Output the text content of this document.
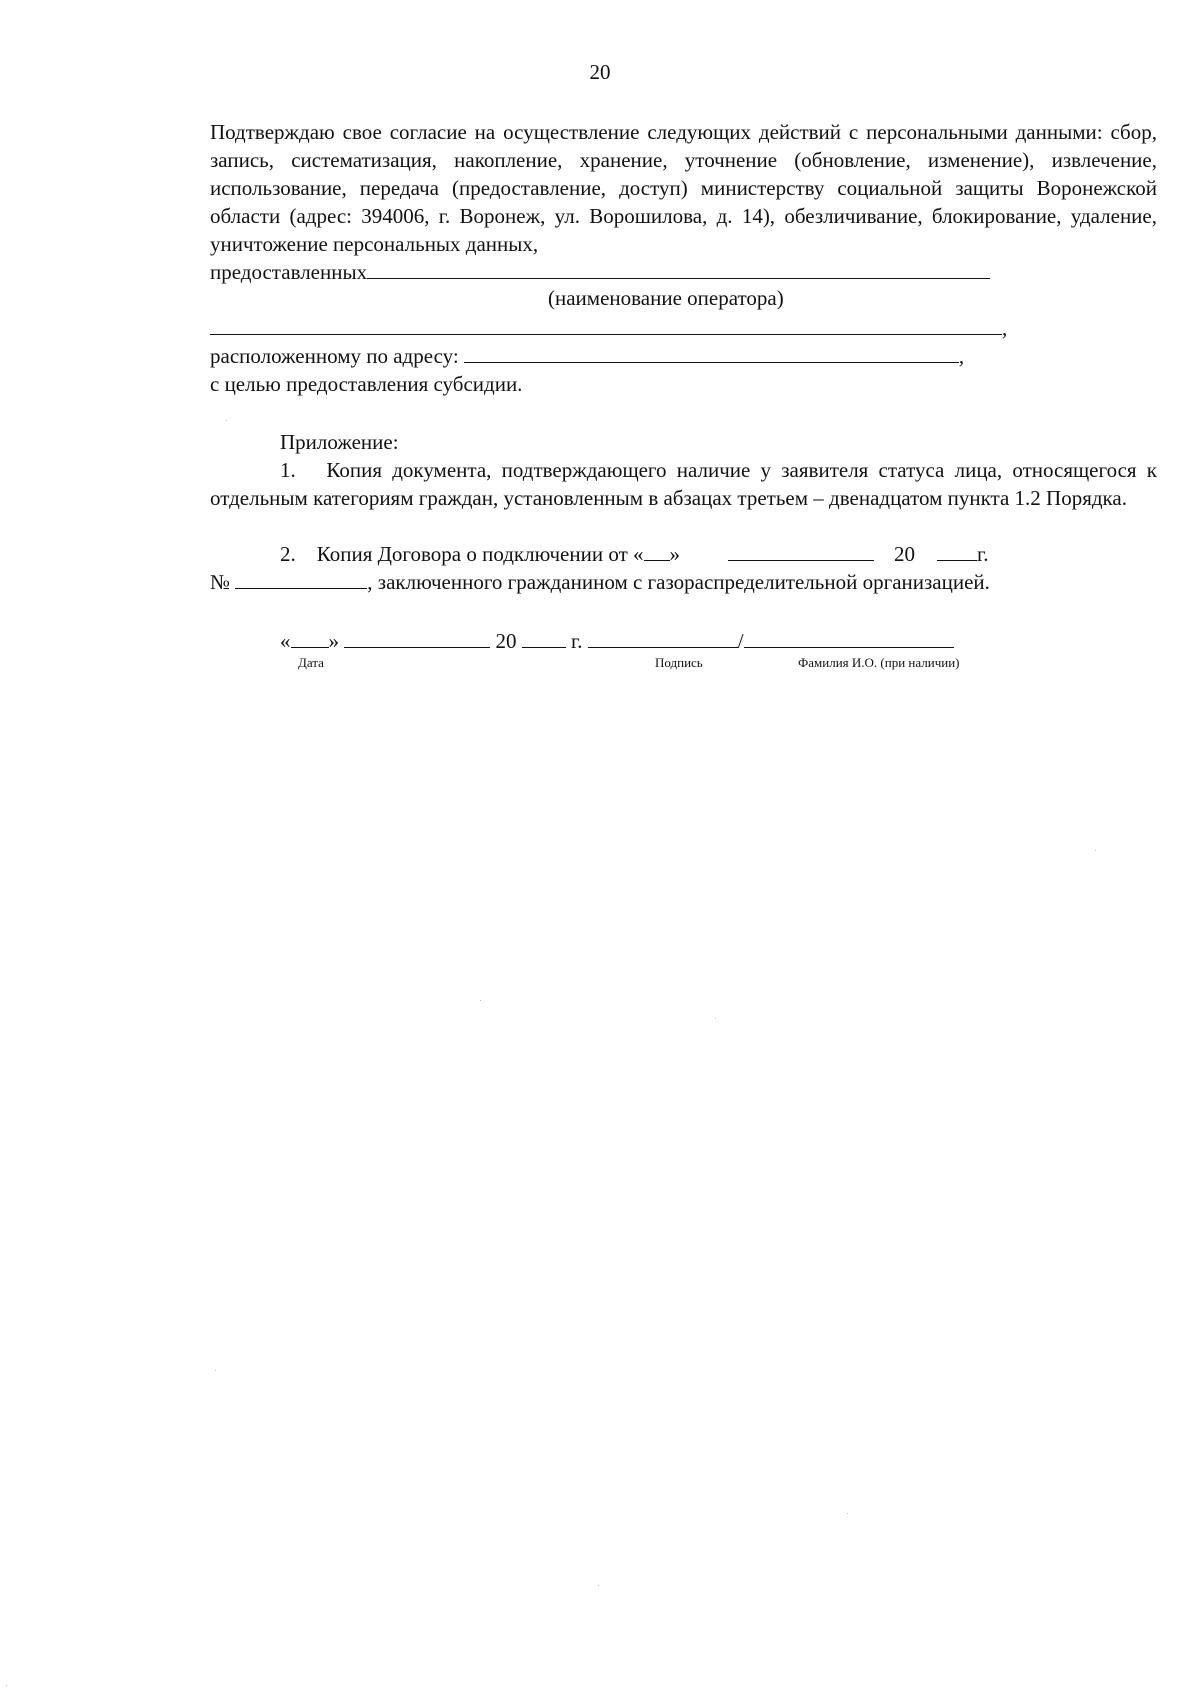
20
Подтверждаю свое согласие на осуществление следующих действий с персональными данными: сбор, запись, систематизация, накопление, хранение, уточнение (обновление, изменение), извлечение, использование, передача (предоставление, доступ) министерству социальной защиты Воронежской области (адрес: 394006, г. Воронеж, ул. Ворошилова, д. 14), обезличивание, блокирование, удаление, уничтожение персональных данных,
предоставленных
(наименование оператора)
,
расположенному по адресу:	,
с целью предоставления субсидии.
Приложение:
1. Копия документа, подтверждающего наличие у заявителя статуса лица, относящегося к отдельным категориям граждан, установленным в абзацах третьем – двенадцатом пункта 1.2 Порядка.
2. Копия Договора о подключении от « »	20	г.
№	, заключенного гражданином с газораспределительной организацией.
« »	20	г.	/
Дата	Подпись	Фамилия И.О. (при наличии)
